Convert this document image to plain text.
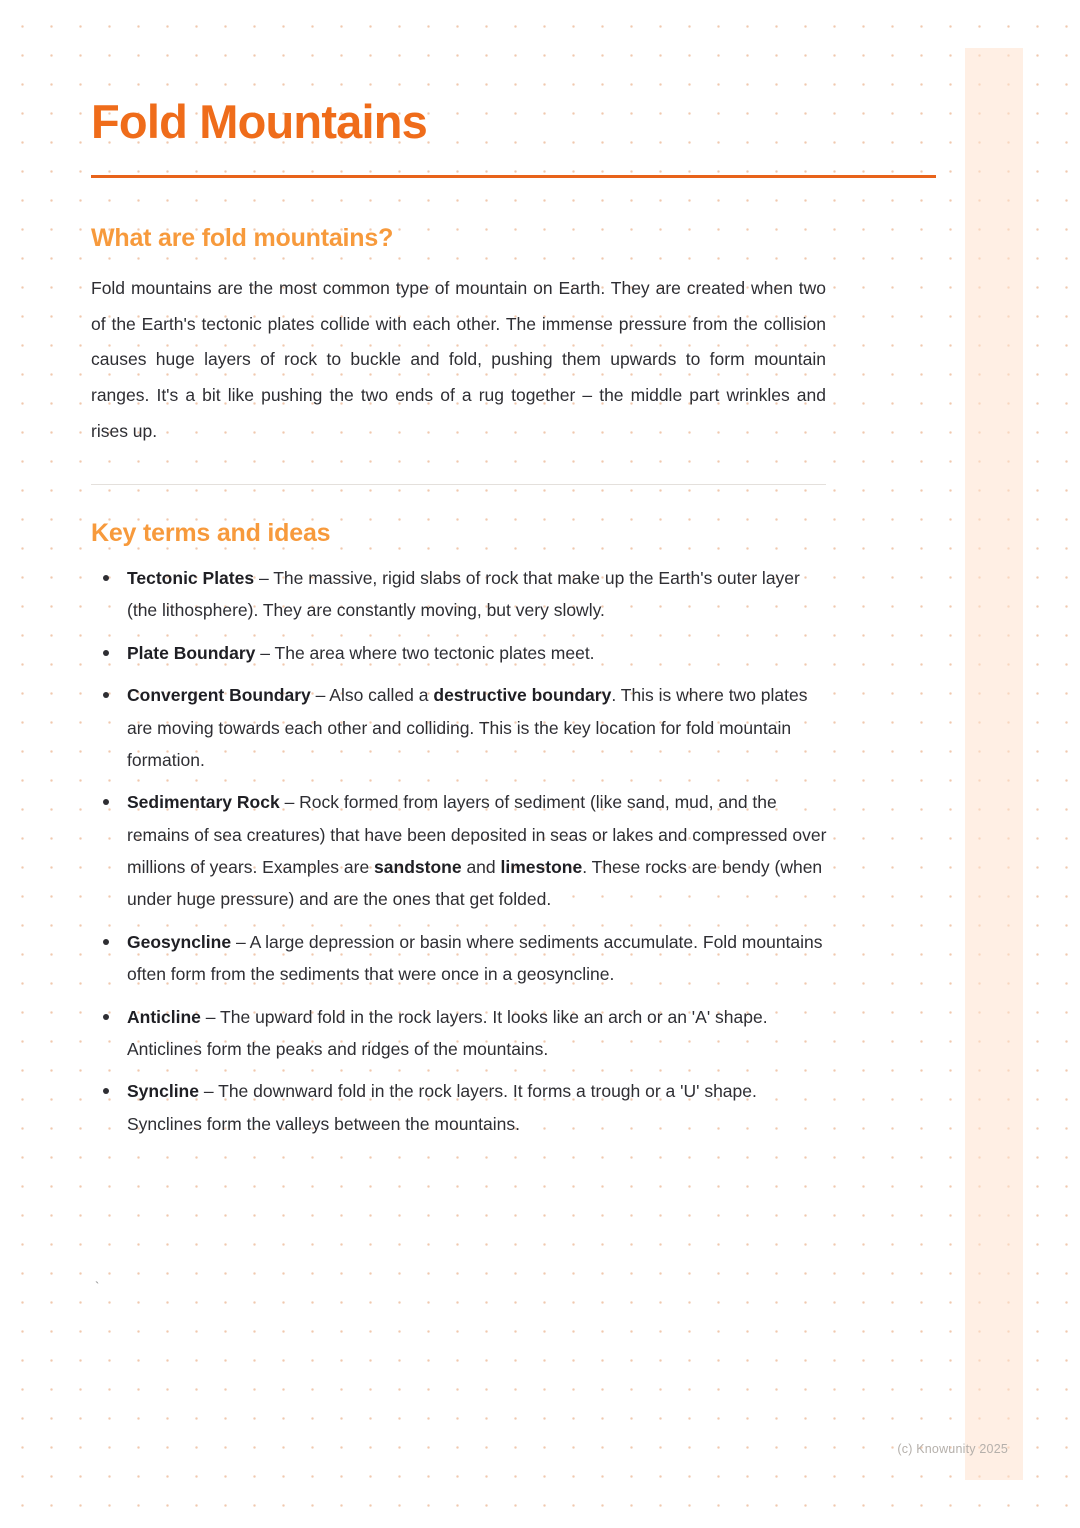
Fold Mountains
What are fold mountains?

Fold mountains are the most common type of mountain on Earth. They are created when two of the Earth's tectonic plates collide with each other. The immense pressure from the collision causes huge layers of rock to buckle and fold, pushing them upwards to form mountain ranges. It's a bit like pushing the two ends of a rug together – the middle part wrinkles and rises up.

Key terms and ideas
Tectonic Plates – The massive, rigid slabs of rock that make up the Earth's outer layer (the lithosphere). They are constantly moving, but very slowly.
Plate Boundary – The area where two tectonic plates meet.
Convergent Boundary – Also called a destructive boundary. This is where two plates are moving towards each other and colliding. This is the key location for fold mountain formation.
Sedimentary Rock – Rock formed from layers of sediment (like sand, mud, and the remains of sea creatures) that have been deposited in seas or lakes and compressed over millions of years. Examples are sandstone and limestone. These rocks are bendy (when under huge pressure) and are the ones that get folded.
Geosyncline – A large depression or basin where sediments accumulate. Fold mountains often form from the sediments that were once in a geosyncline.
Anticline – The upward fold in the rock layers. It looks like an arch or an 'A' shape. Anticlines form the peaks and ridges of the mountains.
Syncline – The downward fold in the rock layers. It forms a trough or a 'U' shape. Synclines form the valleys between the mountains.
`
(c) Knowunity 2025
